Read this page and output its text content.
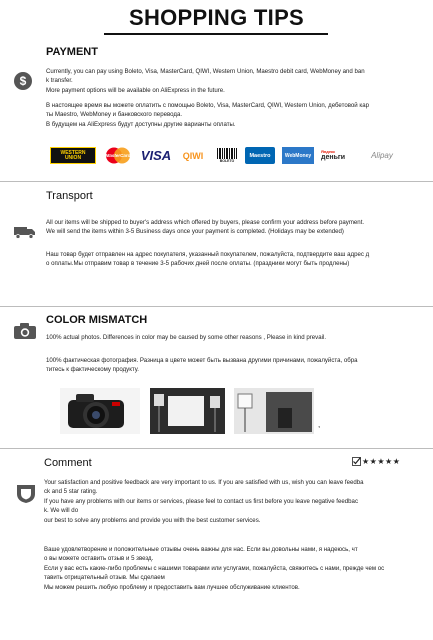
SHOPPING TIPS
PAYMENT
$
Currently, you can pay using Boleto, Visa, MasterCard, QIWI, Western Union, Maestro debit card, WebMoney and ban
k transfer.
More payment options will be available on AliExpress in the future.
В настоящее время вы можете оплатить с помощью Boleto, Visa, MasterCard, QIWI, Western Union, дебетовой кар
ты Maestro, WebMoney и банковского перевода.
В будущем на AliExpress будут доступны другие варианты оплаты.
WESTERN UNION	MasterCard VISA	QIWI
BOLETO
Maestro	WebMoney
Яндекс
деньги	Alipay
Transport
All our items will be shipped to buyer's address which offered by buyers, please confirm your address before payment.
We will send the items within 3-5 Business days once your payment is completed. (Holidays may be extended)
Наш товар будет отправлен на адрес покупателя, указанный покупателем, пожалуйста, подтвердите ваш адрес д
о оплаты.Мы отправим товар в течение 3-5 рабочих дней после оплаты. (праздники могут быть продлены)
COLOR MISMATCH
100% actual photos. Differences in color may be caused by some other reasons , Please in kind prevail.
100% фактическая фотография. Разница в цвете может быть вызвана другими причинами, пожалуйста, обра
титесь к фактическому продукту.
,
Comment	★★★★★
Your satisfaction and positive feedback are very important to us. If you are satisfied with us, wish you can leave feedba
ck and 5 star rating.
If you have any problems with our items or services, please feel to contact us first before you leave negative feedbac
k. We will do
our best to solve any problems and provide you with the best customer services.
Ваше удовлетворение и положительные отзывы очень важны для нас. Если вы довольны нами, я надеюсь, чт
о вы можете оставить отзыв и 5 звезд.
Если у вас есть какие-либо проблемы с нашими товарами или услугами, пожалуйста, свяжитесь с нами, прежде чем ос
тавить отрицательный отзыв. Мы сделаем
Мы можем решить любую проблему и предоставить вам лучшее обслуживание клиентов.
